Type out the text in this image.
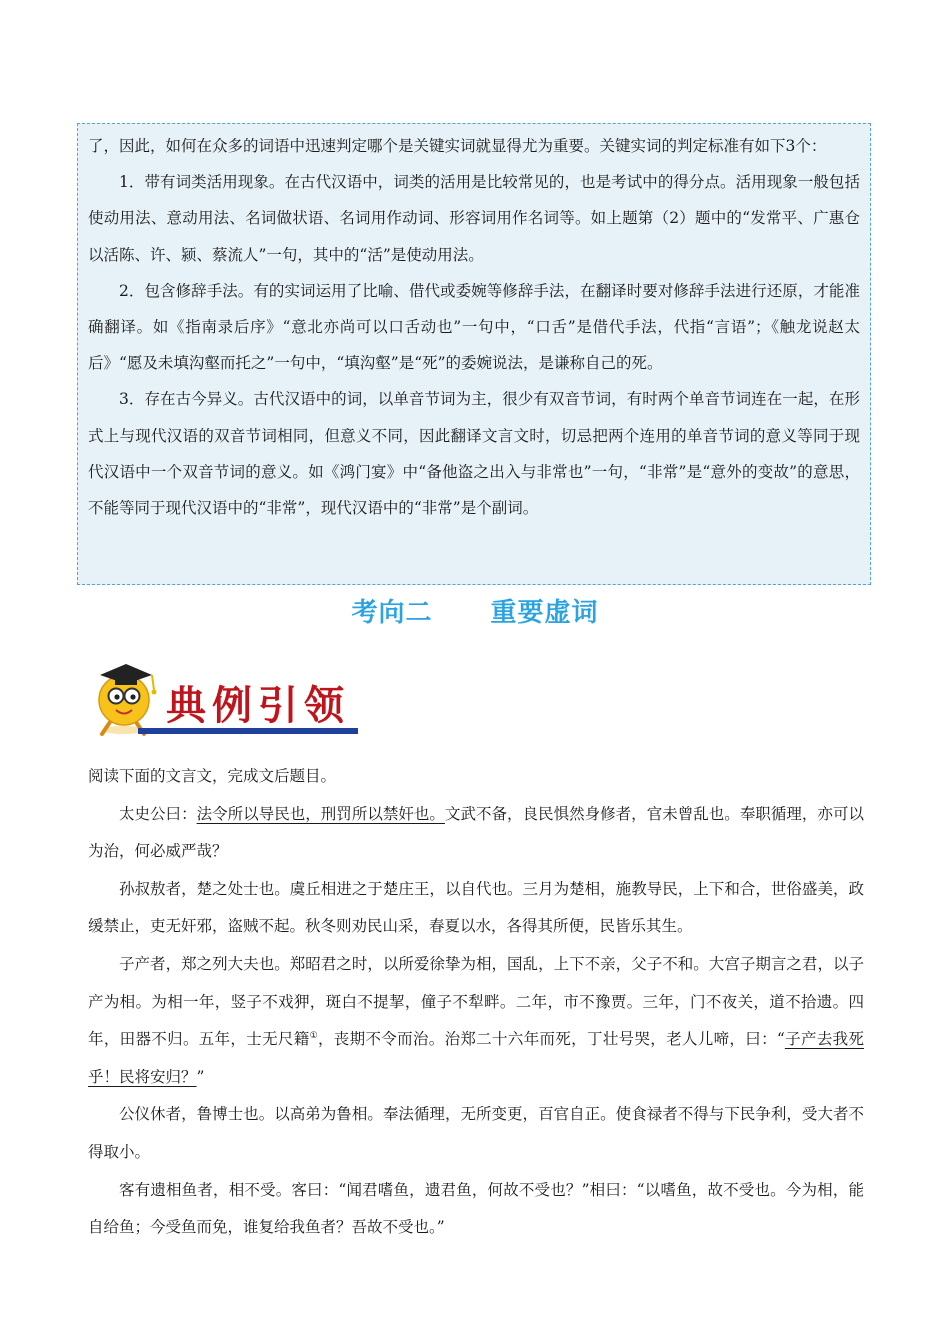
了，因此，如何在众多的词语中迅速判定哪个是关键实词就显得尤为重要。关键实词的判定标准有如下3个：

1．带有词类活用现象。在古代汉语中，词类的活用是比较常见的，也是考试中的得分点。活用现象一般包括使动用法、意动用法、名词做状语、名词用作动词、形容词用作名词等。如上题第（2）题中的“发常平、广惠仓以活陈、许、颍、蔡流人”一句，其中的“活”是使动用法。

2．包含修辞手法。有的实词运用了比喻、借代或委婉等修辞手法，在翻译时要对修辞手法进行还原，才能准确翻译。如《指南录后序》“意北亦尚可以口舌动也”一句中，“口舌”是借代手法，代指“言语”；《触龙说赵太后》“愿及未填沟壑而托之”一句中，“填沟壑”是“死”的委婉说法，是谦称自己的死。

3．存在古今异义。古代汉语中的词，以单音节词为主，很少有双音节词，有时两个单音节词连在一起，在形式上与现代汉语的双音节词相同，但意义不同，因此翻译文言文时，切忌把两个连用的单音节词的意义等同于现代汉语中一个双音节词的意义。如《鸿门宴》中“备他盗之出入与非常也”一句，“非常”是“意外的变故”的意思，不能等同于现代汉语中的“非常”，现代汉语中的“非常”是个副词。

考向二 重要虚词
典例引领

阅读下面的文言文，完成文后题目。

太史公曰：法令所以导民也，刑罚所以禁奸也。文武不备，良民惧然身修者，官未曾乱也。奉职循理，亦可以为治，何必威严哉？

孙叔敖者，楚之处士也。虞丘相进之于楚庄王，以自代也。三月为楚相，施教导民，上下和合，世俗盛美，政缓禁止，吏无奸邪，盗贼不起。秋冬则劝民山采，春夏以水，各得其所便，民皆乐其生。

子产者，郑之列大夫也。郑昭君之时，以所爱徐挚为相，国乱，上下不亲，父子不和。大宫子期言之君，以子产为相。为相一年，竖子不戏狎，斑白不提挈，僮子不犁畔。二年，市不豫贾。三年，门不夜关，道不拾遗。四年，田器不归。五年，士无尺籍①，丧期不令而治。治郑二十六年而死，丁壮号哭，老人儿啼，曰：“子产去我死乎！民将安归？”

公仪休者，鲁博士也。以高弟为鲁相。奉法循理，无所变更，百官自正。使食禄者不得与下民争利，受大者不得取小。

客有遗相鱼者，相不受。客曰：“闻君嗜鱼，遗君鱼，何故不受也？”相曰：“以嗜鱼，故不受也。今为相，能自给鱼；今受鱼而免，谁复给我鱼者？吾故不受也。”
